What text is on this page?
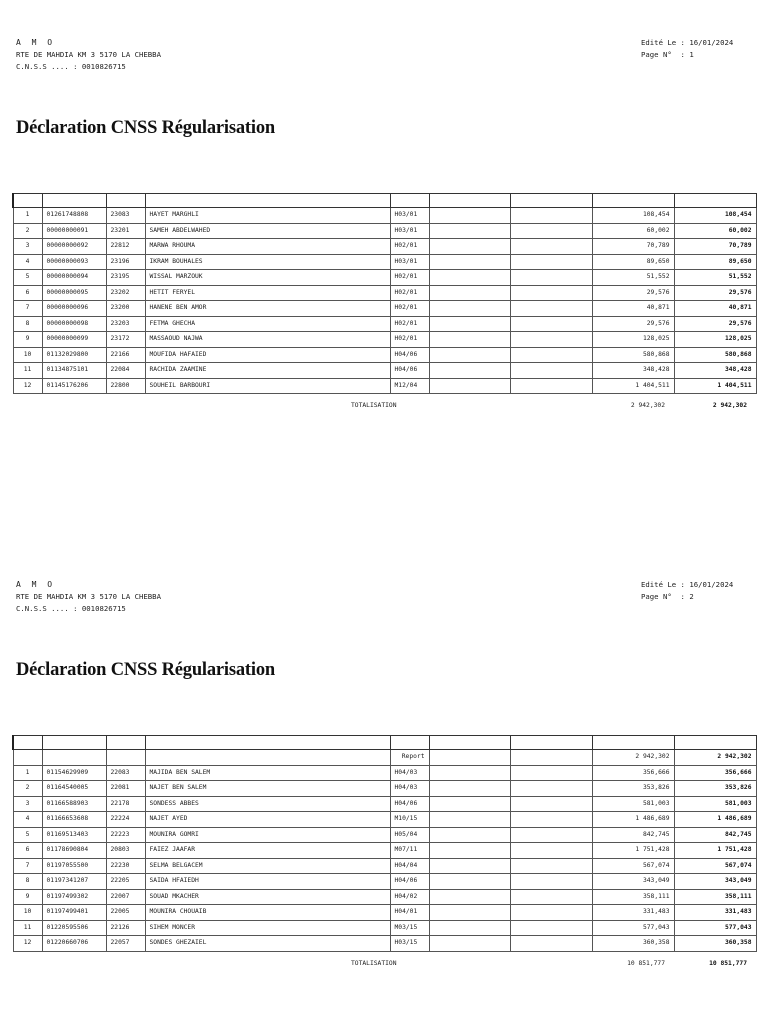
A M O
RTE DE MAHDIA KM 3 5170 LA CHEBBA
C.N.S.S .... : 0010826715
Edité Le : 16/01/2024
Page N°  : 1
Déclaration CNSS Régularisation

1	01261748808	23083	HAYET MARGHLI	H03/01			108,454	108,454
2	00000000091	23201	SAMEH ABDELWAHED	H03/01			60,002	60,002
3	00000000092	22812	MARWA RHOUMA	H02/01			70,789	70,789
4	00000000093	23196	IKRAM BOUHALES	H03/01			89,650	89,650
5	00000000094	23195	WISSAL MARZOUK	H02/01			51,552	51,552
6	00000000095	23202	HETIT FERYEL	H02/01			29,576	29,576
7	00000000096	23200	HANENE BEN AMOR	H02/01			40,871	40,871
8	00000000098	23203	FETMA GHECHA	H02/01			29,576	29,576
9	00000000099	23172	MASSAOUD NAJWA	H02/01			128,025	128,025
10	01132029800	22166	MOUFIDA HAFAIED	H04/06			580,868	580,868
11	01134875101	22084	RACHIDA ZAAMINE	H04/06			348,428	348,428
12	01145176206	22800	SOUHEIL BARBOURI	M12/04			1 404,511	1 404,511
TOTALISATION	2 942,302	2 942,302
A M O
RTE DE MAHDIA KM 3 5170 LA CHEBBA
C.N.S.S .... : 0010826715
Edité Le : 16/01/2024
Page N°  : 2
Déclaration CNSS Régularisation

				Report			2 942,302	2 942,302
1	01154629909	22083	MAJIDA BEN SALEM	H04/03			356,666	356,666
2	01164540005	22081	NAJET BEN SALEM	H04/03			353,826	353,826
3	01166588903	22178	SONDESS ABBES	H04/06			581,003	581,003
4	01166653608	22224	NAJET AYED	M10/15			1 486,689	1 486,689
5	01169513403	22223	MOUNIRA GOMRI	H05/04			842,745	842,745
6	01178690804	20803	FAIEZ JAAFAR	M07/11			1 751,428	1 751,428
7	01197055500	22230	SELMA BELGACEM	H04/04			567,074	567,074
8	01197341207	22205	SAIDA HFAIEDH	H04/06			343,049	343,049
9	01197499302	22007	SOUAD MKACHER	H04/02			358,111	358,111
10	01197499401	22005	MOUNIRA CHOUAIB	H04/01			331,483	331,483
11	01220595506	22126	SIHEM MONCER	M03/15			577,043	577,043
12	01220660706	22057	SONDES GHEZAIEL	H03/15			360,358	360,358
TOTALISATION	10 851,777	10 851,777
